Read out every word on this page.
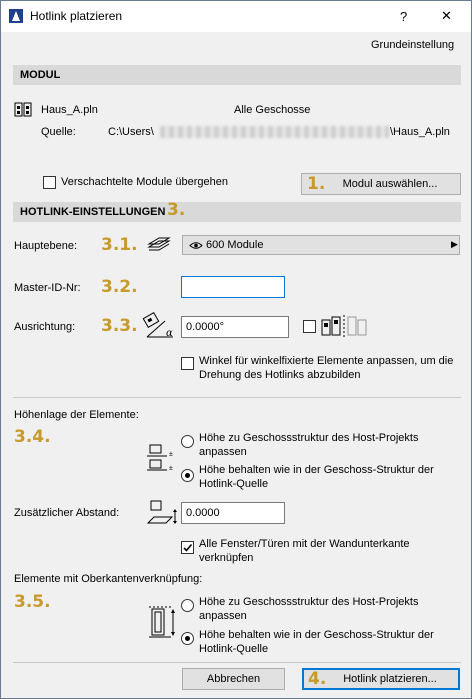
Hotlink platzieren	?	✕
Grundeinstellung
MODUL
Haus_A.pln	Alle Geschosse
Quelle:	C:\Users\	\Haus_A.pln
Verschachtelte Module übergehen	1. Modul auswählen...
HOTLINK-EINSTELLUNGEN 3.
Hauptebene: 3.1.	600 Module	▶
Master-ID-Nr: 3.2.
Ausrichtung: 3.3.	α
0.0000°
Winkel für winkelfixierte Elemente anpassen, um die Drehung des Hotlinks abzubilden
Höhenlage der Elemente:
3.4.
±
±
Höhe zu Geschossstruktur des Host-Projekts anpassen
Höhe behalten wie in der Geschoss-Struktur der Hotlink-Quelle
Zusätzlicher Abstand:	0.0000
Alle Fenster/Türen mit der Wandunterkante verknüpfen
Elemente mit Oberkantenverknüpfung:
3.5.	Höhe zu Geschossstruktur des Host-Projekts anpassen
Höhe behalten wie in der Geschoss-Struktur der Hotlink-Quelle
Abbrechen	4. Hotlink platzieren...
